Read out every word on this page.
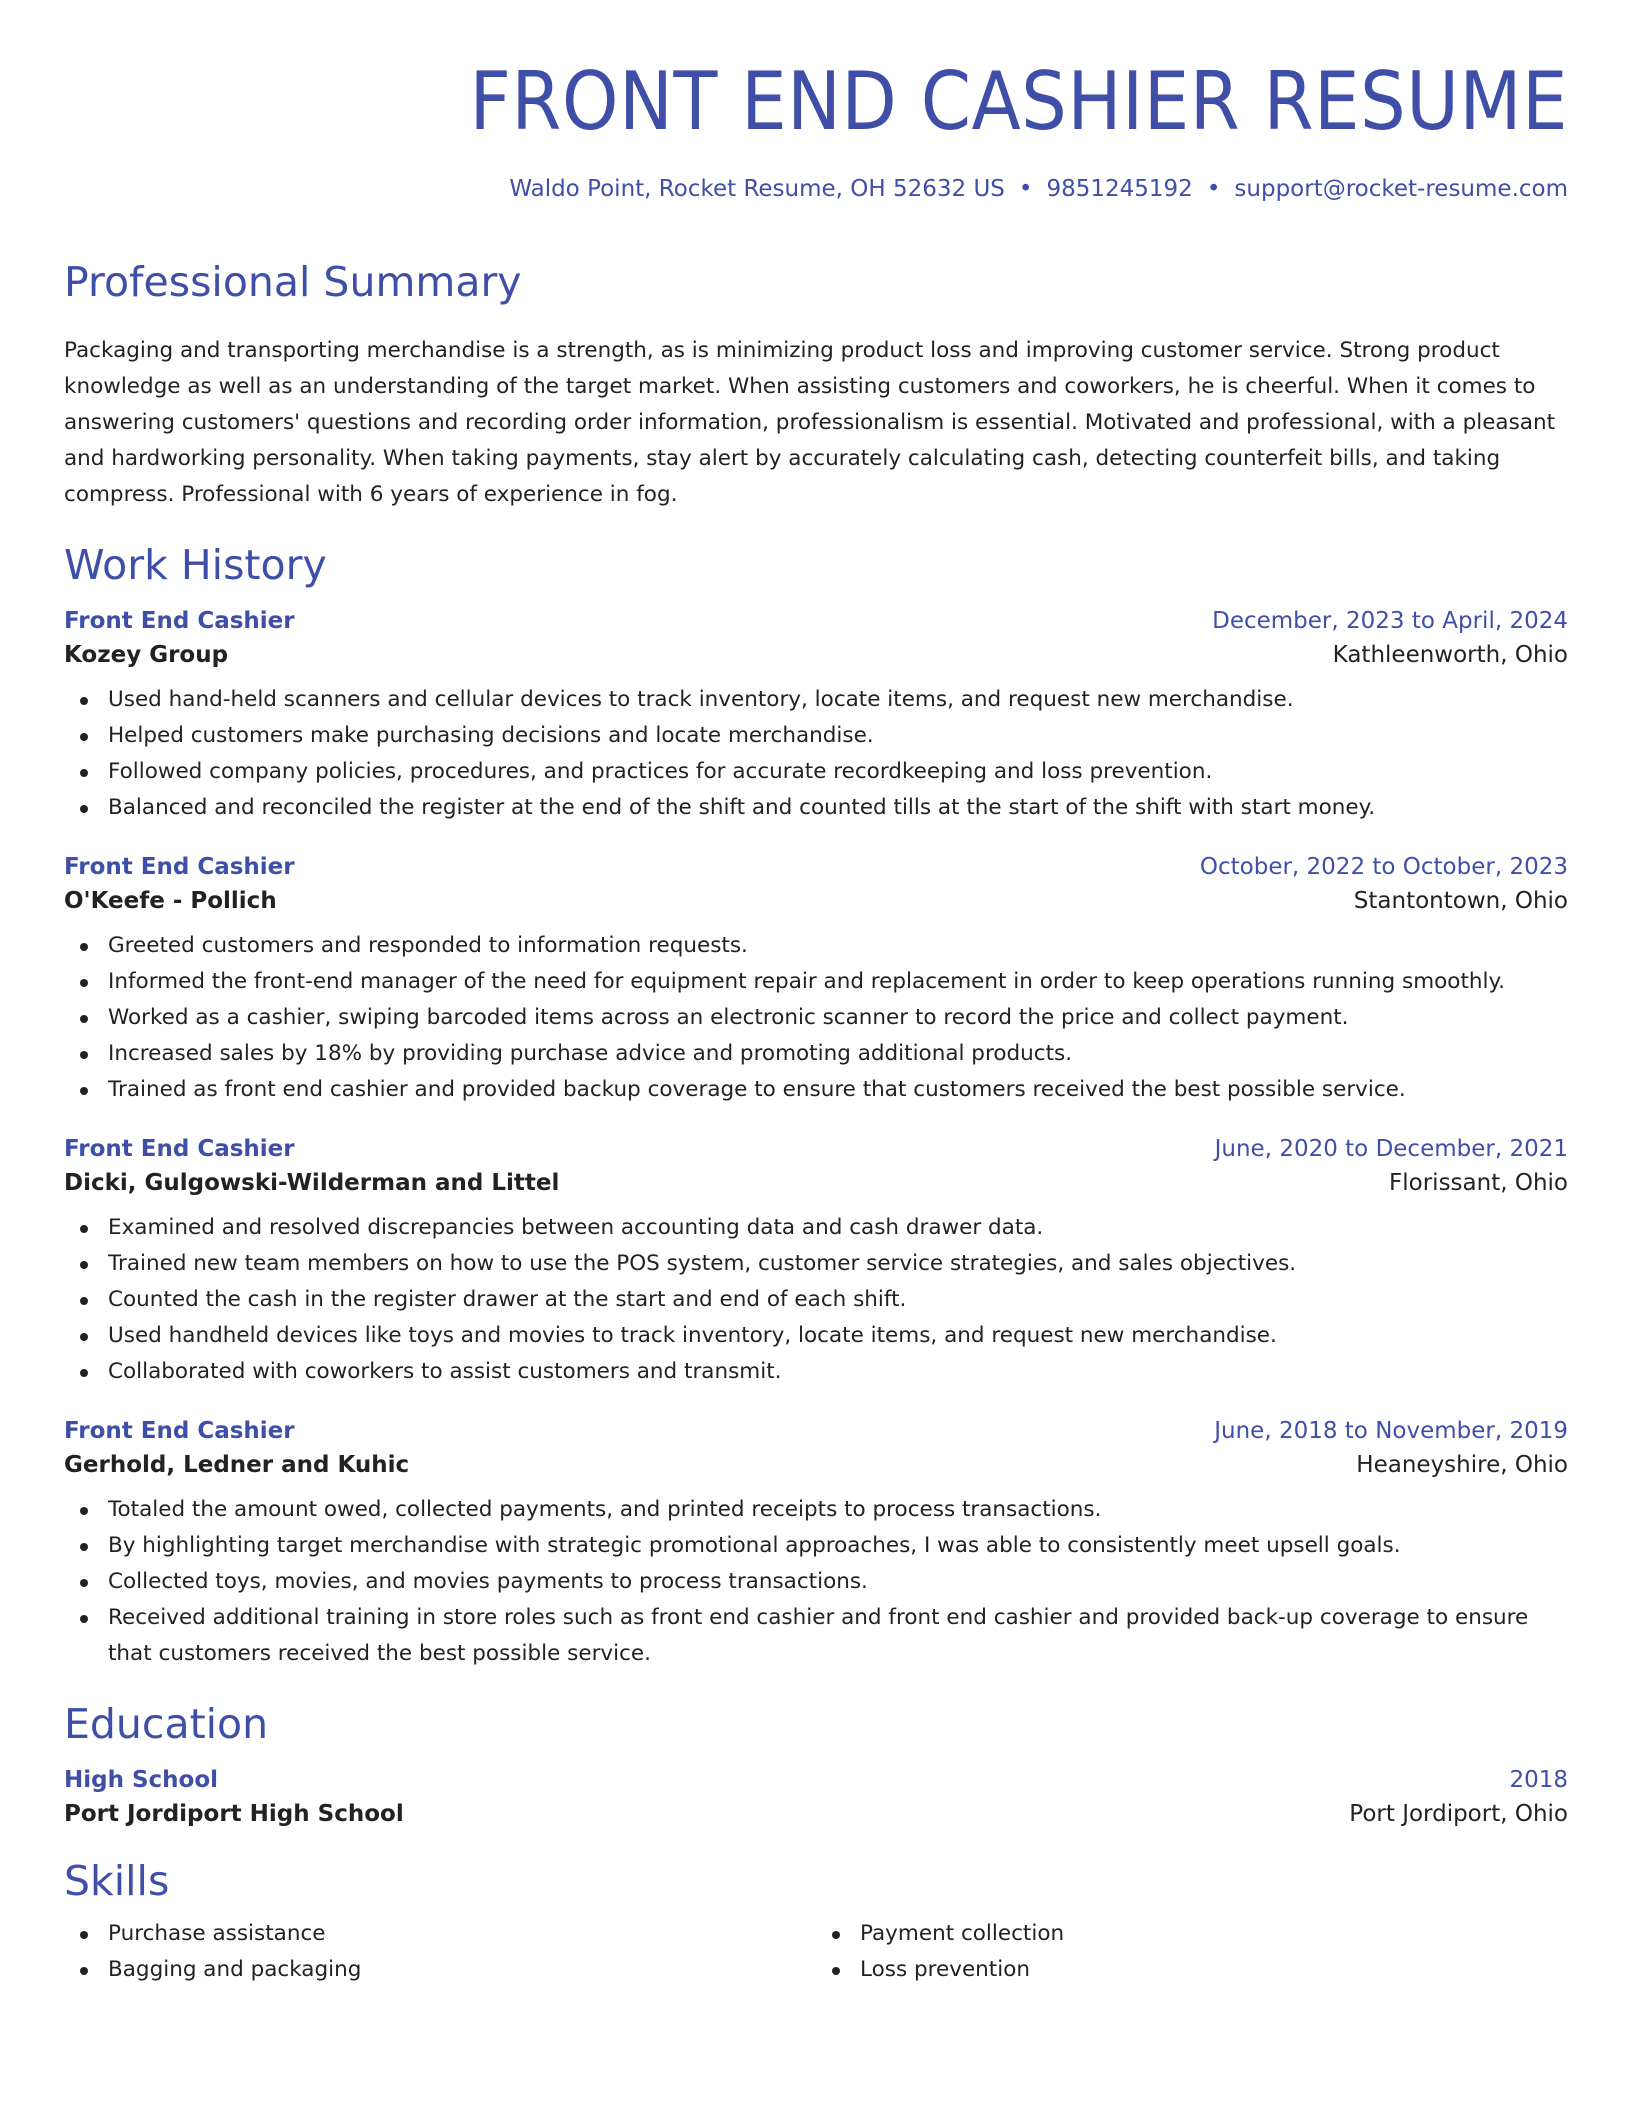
FRONT END CASHIER RESUME
Waldo Point, Rocket Resume, OH 52632 US • 9851245192 • support@rocket-resume.com
Professional Summary
Packaging and transporting merchandise is a strength, as is minimizing product loss and improving customer service. Strong product knowledge as well as an understanding of the target market. When assisting customers and coworkers, he is cheerful. When it comes to answering customers' questions and recording order information, professionalism is essential. Motivated and professional, with a pleasant and hardworking personality. When taking payments, stay alert by accurately calculating cash, detecting counterfeit bills, and taking compress. Professional with 6 years of experience in fog.
Work History
Front End Cashier	December, 2023 to April, 2024
Kozey Group	Kathleenworth, Ohio
Used hand-held scanners and cellular devices to track inventory, locate items, and request new merchandise.
Helped customers make purchasing decisions and locate merchandise.
Followed company policies, procedures, and practices for accurate recordkeeping and loss prevention.
Balanced and reconciled the register at the end of the shift and counted tills at the start of the shift with start money.
Front End Cashier	October, 2022 to October, 2023
O'Keefe - Pollich	Stantontown, Ohio
Greeted customers and responded to information requests.
Informed the front-end manager of the need for equipment repair and replacement in order to keep operations running smoothly.
Worked as a cashier, swiping barcoded items across an electronic scanner to record the price and collect payment.
Increased sales by 18% by providing purchase advice and promoting additional products.
Trained as front end cashier and provided backup coverage to ensure that customers received the best possible service.
Front End Cashier	June, 2020 to December, 2021
Dicki, Gulgowski-Wilderman and Littel	Florissant, Ohio
Examined and resolved discrepancies between accounting data and cash drawer data.
Trained new team members on how to use the POS system, customer service strategies, and sales objectives.
Counted the cash in the register drawer at the start and end of each shift.
Used handheld devices like toys and movies to track inventory, locate items, and request new merchandise.
Collaborated with coworkers to assist customers and transmit.
Front End Cashier	June, 2018 to November, 2019
Gerhold, Ledner and Kuhic	Heaneyshire, Ohio
Totaled the amount owed, collected payments, and printed receipts to process transactions.
By highlighting target merchandise with strategic promotional approaches, I was able to consistently meet upsell goals.
Collected toys, movies, and movies payments to process transactions.
Received additional training in store roles such as front end cashier and front end cashier and provided back-up coverage to ensure that customers received the best possible service.
Education
High School	2018
Port Jordiport High School	Port Jordiport, Ohio
Skills
Purchase assistance
Bagging and packaging
Payment collection
Loss prevention
